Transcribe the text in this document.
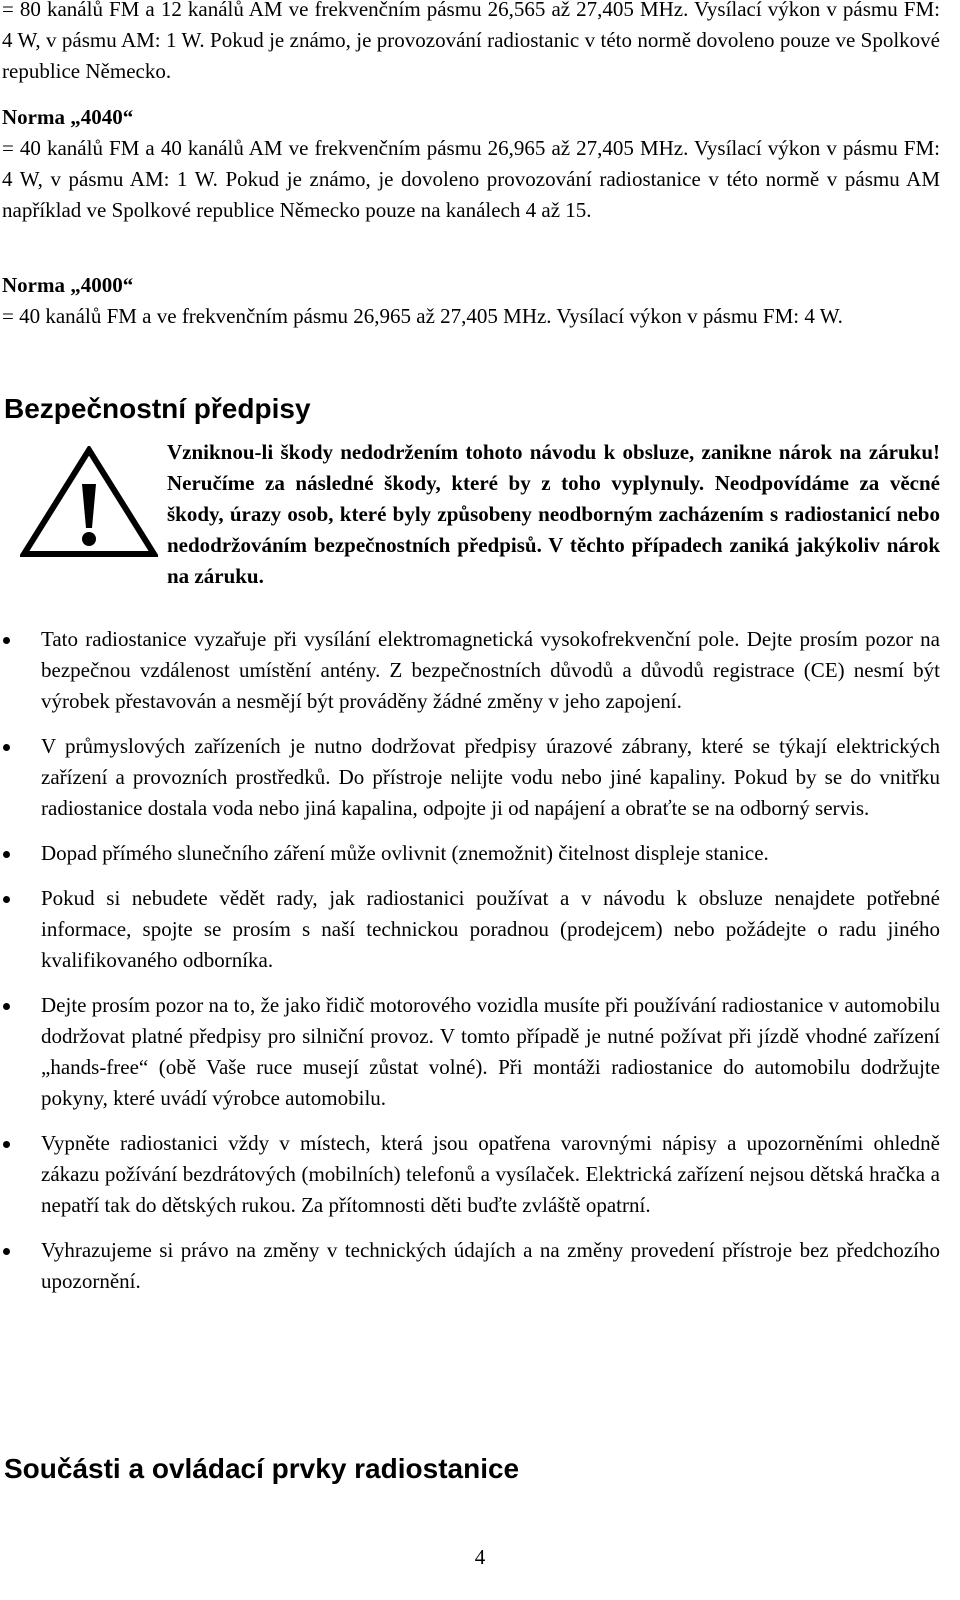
= 80 kanálů FM a 12 kanálů AM ve frekvenčním pásmu 26,565 až 27,405 MHz. Vysílací výkon v pásmu FM: 4 W, v pásmu AM: 1 W. Pokud je známo, je provozování radiostanic v této normě dovoleno pouze ve Spolkové republice Německo.

Norma „4040“

= 40 kanálů FM a 40 kanálů AM ve frekvenčním pásmu 26,965 až 27,405 MHz. Vysílací výkon v pásmu FM: 4 W, v pásmu AM: 1 W. Pokud je známo, je dovoleno provozování radiostanice v této normě v pásmu AM například ve Spolkové republice Německo pouze na kanálech 4 až 15.

Norma „4000“

= 40 kanálů FM a ve frekvenčním pásmu 26,965 až 27,405 MHz. Vysílací výkon v pásmu FM: 4 W.

Bezpečnostní předpisy

Vzniknou-li škody nedodržením tohoto návodu k obsluze, zanikne nárok na záruku! Neručíme za následné škody, které by z toho vyplynuly. Neodpovídáme za věcné škody, úrazy osob, které byly způsobeny neodborným zacházením s radiostanicí nebo nedodržováním bezpečnostních předpisů. V těchto případech zaniká jakýkoliv nárok na záruku.

Tato radiostanice vyzařuje při vysílání elektromagnetická vysokofrekvenční pole. Dejte prosím pozor na bezpečnou vzdálenost umístění antény. Z bezpečnostních důvodů a důvodů registrace (CE) nesmí být výrobek přestavován a nesmějí být prováděny žádné změny v jeho zapojení.
V průmyslových zařízeních je nutno dodržovat předpisy úrazové zábrany, které se týkají elektrických zařízení a provozních prostředků. Do přístroje nelijte vodu nebo jiné kapaliny. Pokud by se do vnitřku radiostanice dostala voda nebo jiná kapalina, odpojte ji od napájení a obraťte se na odborný servis.
Dopad přímého slunečního záření může ovlivnit (znemožnit) čitelnost displeje stanice.
Pokud si nebudete vědět rady, jak radiostanici používat a v návodu k obsluze nenajdete potřebné informace, spojte se prosím s naší technickou poradnou (prodejcem) nebo požádejte o radu jiného kvalifikovaného odborníka.
Dejte prosím pozor na to, že jako řidič motorového vozidla musíte při používání radiostanice v automobilu dodržovat platné předpisy pro silniční provoz. V tomto případě je nutné požívat při jízdě vhodné zařízení „hands-free“ (obě Vaše ruce musejí zůstat volné). Při montáži radiostanice do automobilu dodržujte pokyny, které uvádí výrobce automobilu.
Vypněte radiostanici vždy v místech, která jsou opatřena varovnými nápisy a upozorněními ohledně zákazu požívání bezdrátových (mobilních) telefonů a vysílaček. Elektrická zařízení nejsou dětská hračka a nepatří tak do dětských rukou. Za přítomnosti děti buďte zvláště opatrní.
Vyhrazujeme si právo na změny v technických údajích a na změny provedení přístroje bez předchozího upozornění.
Součásti a ovládací prvky radiostanice
4
